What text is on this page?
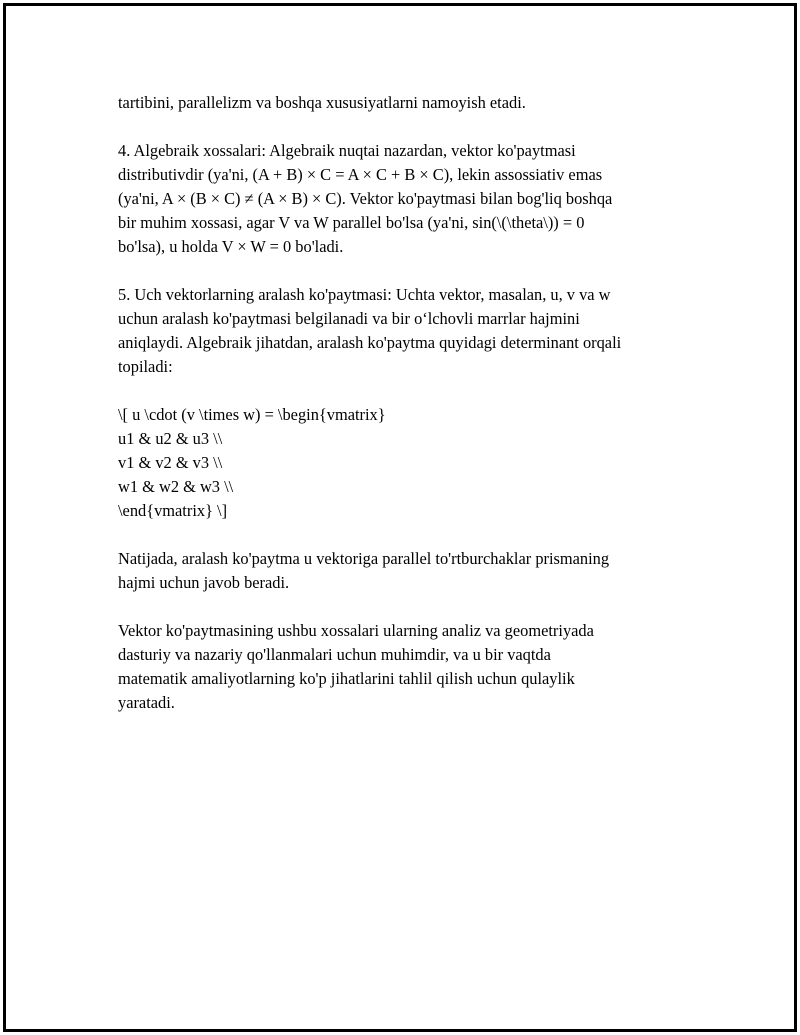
tartibini, parallelizm va boshqa xususiyatlarni namoyish etadi.

4. Algebraik xossalari: Algebraik nuqtai nazardan, vektor ko'paytmasi
distributivdir (ya'ni, (A + B) × C = A × C + B × C), lekin assossiativ emas
(ya'ni, A × (B × C) ≠ (A × B) × C). Vektor ko'paytmasi bilan bog'liq boshqa
bir muhim xossasi, agar V va W parallel bo'lsa (ya'ni, sin(\(\theta\)) = 0
bo'lsa), u holda V × W = 0 bo'ladi.

5. Uch vektorlarning aralash ko'paytmasi: Uchta vektor, masalan, u, v va w
uchun aralash ko'paytmasi belgilanadi va bir o‘lchovli marrlar hajmini
aniqlaydi. Algebraik jihatdan, aralash ko'paytma quyidagi determinant orqali
topiladi:

\[ u \cdot (v \times w) = \begin{vmatrix}
u1 & u2 & u3 \\
v1 & v2 & v3 \\
w1 & w2 & w3 \\
\end{vmatrix} \]

Natijada, aralash ko'paytma u vektoriga parallel to'rtburchaklar prismaning
hajmi uchun javob beradi.

Vektor ko'paytmasining ushbu xossalari ularning analiz va geometriyada
dasturiy va nazariy qo'llanmalari uchun muhimdir, va u bir vaqtda
matematik amaliyotlarning ko'p jihatlarini tahlil qilish uchun qulaylik
yaratadi.
